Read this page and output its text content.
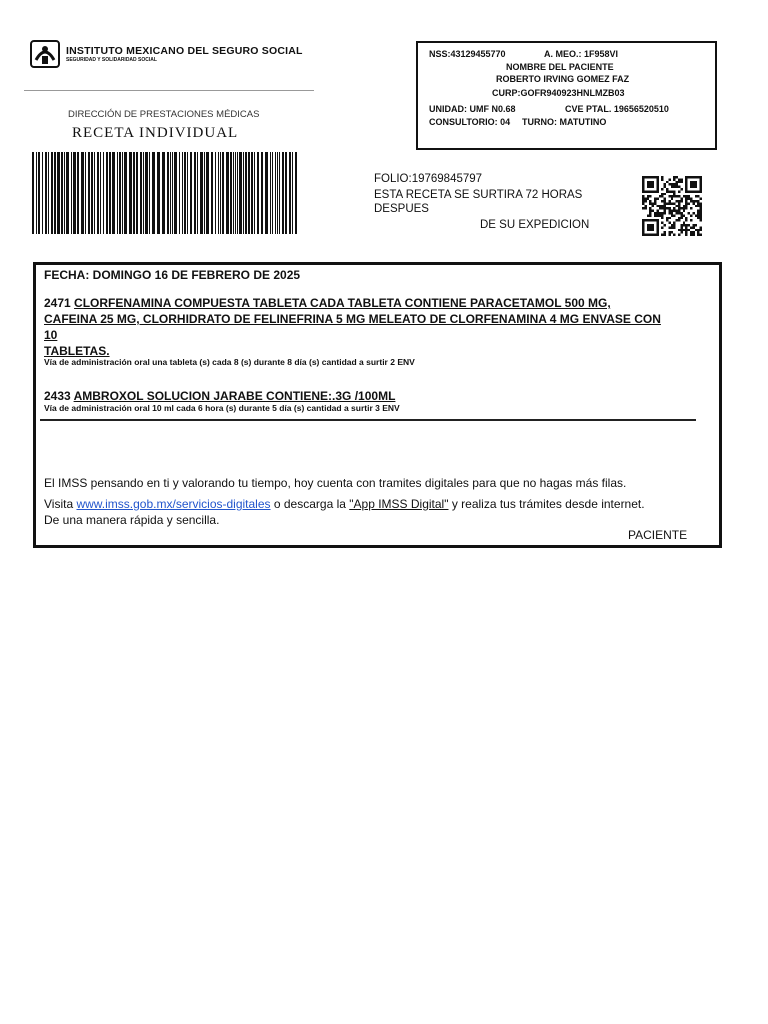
INSTITUTO MEXICANO DEL SEGURO SOCIAL
SEGURIDAD Y SOLIDARIDAD SOCIAL
DIRECCIÓN DE PRESTACIONES MÉDICAS
RECETA INDIVIDUAL
NSS:43129455770	A. MEO.: 1F958VI
NOMBRE DEL PACIENTE
ROBERTO IRVING GOMEZ FAZ
CURP:GOFR940923HNLMZB03
UNIDAD: UMF N0.68	CVE PTAL. 19656520510
CONSULTORIO: 04 TURNO: MATUTINO
FOLIO:19769845797
ESTA RECETA SE SURTIRA 72 HORAS
DESPUES
DE SU EXPEDICION
FECHA: DOMINGO 16 DE FEBRERO DE 2025
2471 CLORFENAMINA COMPUESTA TABLETA CADA TABLETA CONTIENE PARACETAMOL 500 MG,
CAFEINA 25 MG, CLORHIDRATO DE FELINEFRINA 5 MG MELEATO DE CLORFENAMINA 4 MG ENVASE CON
10
TABLETAS.
Vía de administración oral una tableta (s) cada 8 (s) durante 8 día (s) cantidad a surtir 2 ENV
2433 AMBROXOL SOLUCION JARABE CONTIENE:.3G /100ML
Vía de administración oral 10 ml cada 6 hora (s) durante 5 día (s) cantidad a surtir 3 ENV
El IMSS pensando en ti y valorando tu tiempo, hoy cuenta con tramites digitales para que no hagas más filas.
Visita www.imss.gob.mx/servicios-digitales o descarga la "App IMSS Digital" y realiza tus trámites desde internet.
De una manera rápida y sencilla.
PACIENTE
